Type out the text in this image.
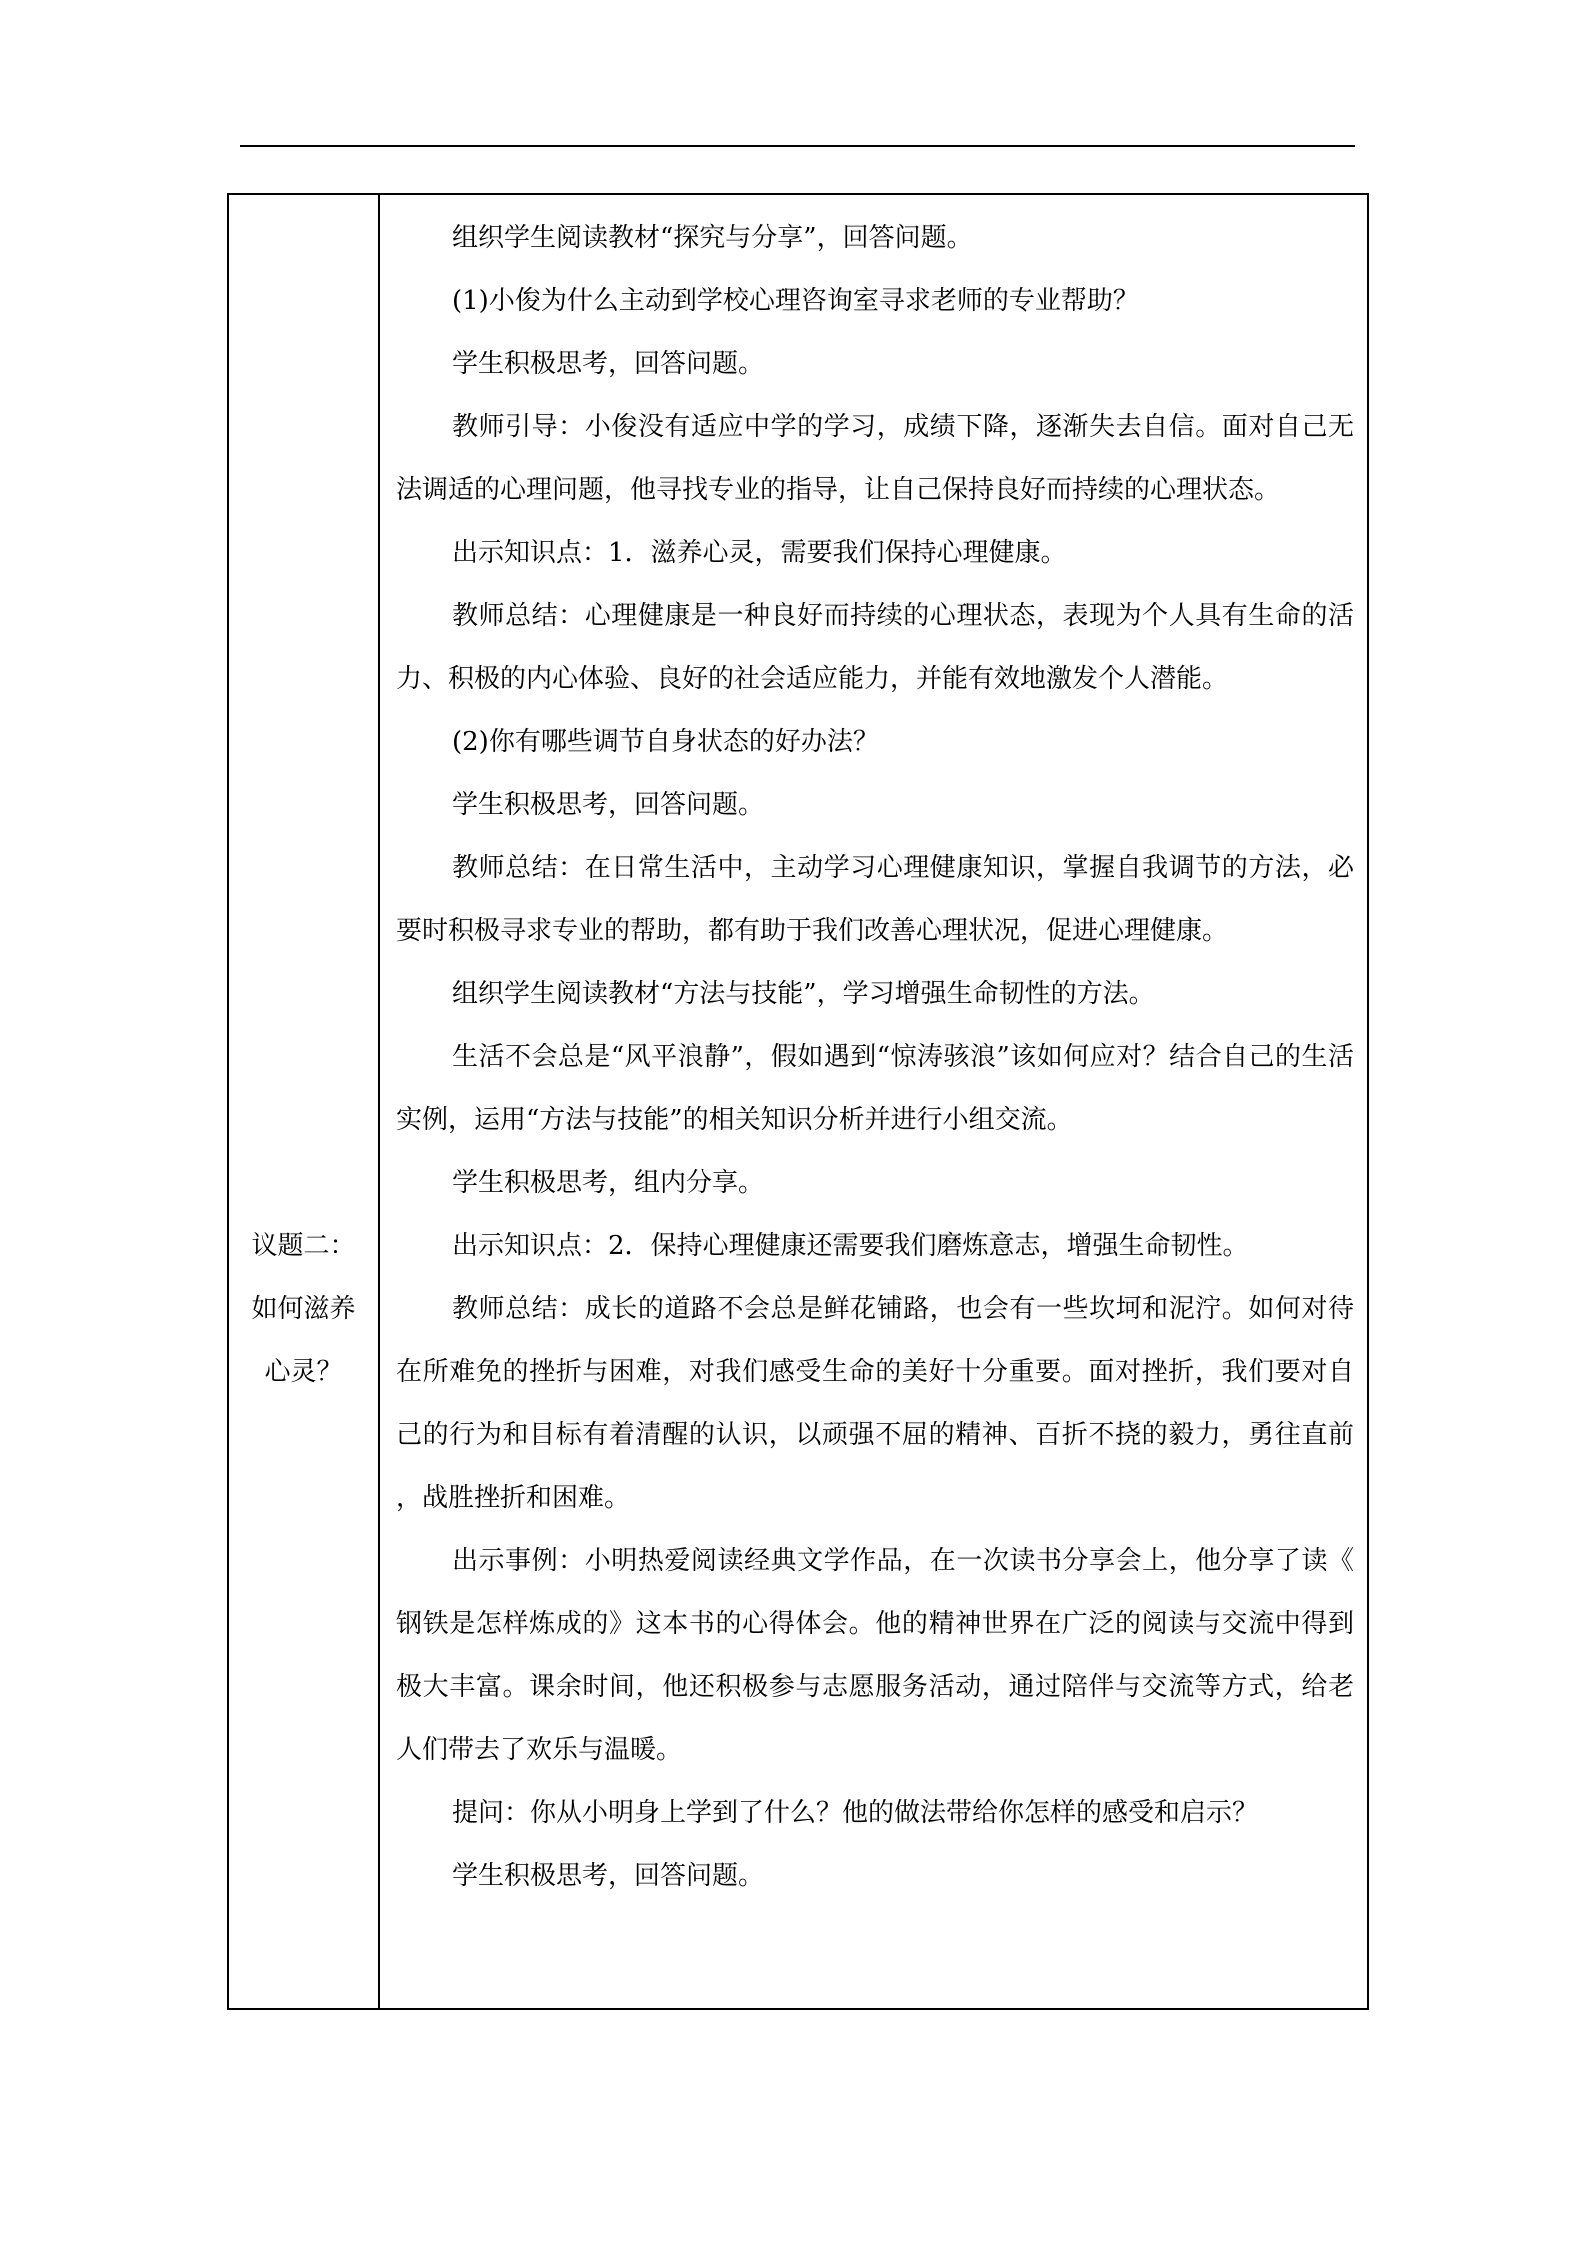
议题二：
如何滋养
心灵？

组织学生阅读教材“探究与分享”，回答问题。

(1)小俊为什么主动到学校心理咨询室寻求老师的专业帮助？

学生积极思考，回答问题。

教师引导：小俊没有适应中学的学习，成绩下降，逐渐失去自信。面对自己无法调适的心理问题，他寻找专业的指导，让自己保持良好而持续的心理状态。

出示知识点：1．滋养心灵，需要我们保持心理健康。

教师总结：心理健康是一种良好而持续的心理状态，表现为个人具有生命的活力、积极的内心体验、良好的社会适应能力，并能有效地激发个人潜能。

(2)你有哪些调节自身状态的好办法？

学生积极思考，回答问题。

教师总结：在日常生活中，主动学习心理健康知识，掌握自我调节的方法，必要时积极寻求专业的帮助，都有助于我们改善心理状况，促进心理健康。

组织学生阅读教材“方法与技能”，学习增强生命韧性的方法。

生活不会总是“风平浪静”，假如遇到“惊涛骇浪”该如何应对？结合自己的生活实例，运用“方法与技能”的相关知识分析并进行小组交流。

学生积极思考，组内分享。

出示知识点：2．保持心理健康还需要我们磨炼意志，增强生命韧性。

教师总结：成长的道路不会总是鲜花铺路，也会有一些坎坷和泥泞。如何对待在所难免的挫折与困难，对我们感受生命的美好十分重要。面对挫折，我们要对自己的行为和目标有着清醒的认识，以顽强不屈的精神、百折不挠的毅力，勇往直前，战胜挫折和困难。

出示事例：小明热爱阅读经典文学作品，在一次读书分享会上，他分享了读《钢铁是怎样炼成的》这本书的心得体会。他的精神世界在广泛的阅读与交流中得到极大丰富。课余时间，他还积极参与志愿服务活动，通过陪伴与交流等方式，给老人们带去了欢乐与温暖。

提问：你从小明身上学到了什么？他的做法带给你怎样的感受和启示？

学生积极思考，回答问题。
